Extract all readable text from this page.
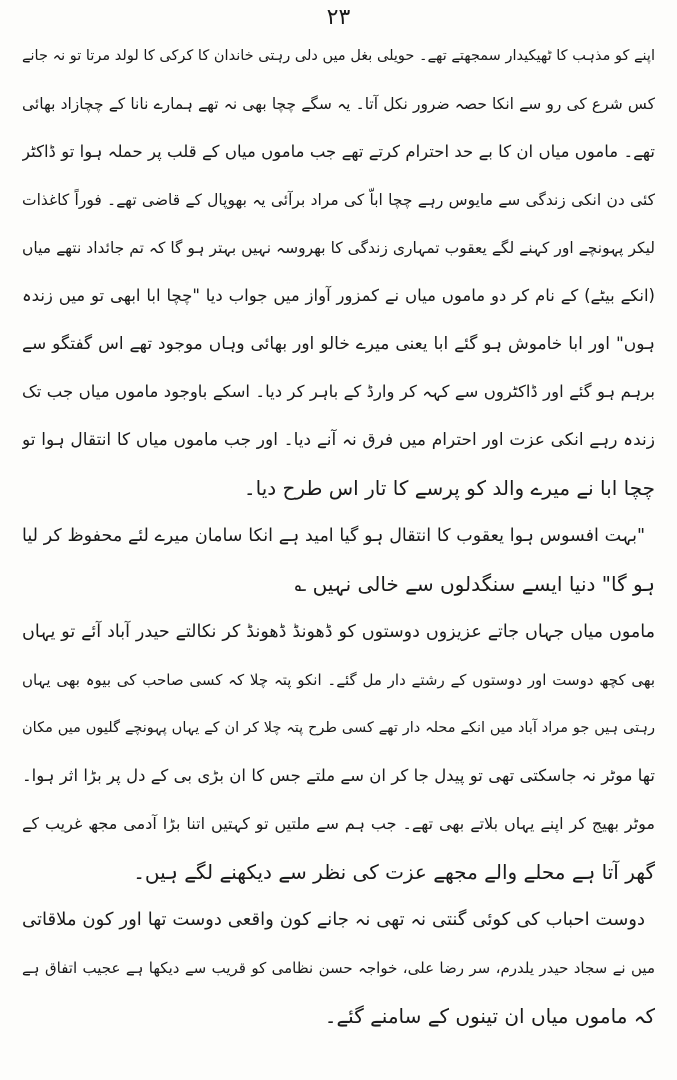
۲۳
اپنے کو مذہب کا ٹھیکیدار سمجھتے تھے۔ حویلی بغل میں دلی رہتی خاندان کا کرکی کا لولد مرتا تو نہ جانے
کس شرع کی رو سے انکا حصہ ضرور نکل آتا۔ یہ سگے چچا بھی نہ تھے ہمارے نانا کے چچازاد بھائی
تھے۔ ماموں میاں ان کا بے حد احترام کرتے تھے جب ماموں میاں کے قلب پر حملہ ہوا تو ڈاکٹر
کئی دن انکی زندگی سے مایوس رہے چچا اباّ کی مراد برآئی یہ بھوپال کے قاضی تھے۔ فوراً کاغذات
لیکر پہونچے اور کہنے لگے یعقوب تمہاری زندگی کا بھروسہ نہیں بہتر ہو گا کہ تم جائداد نتھے میاں
(انکے بیٹے) کے نام کر دو ماموں میاں نے کمزور آواز میں جواب دیا "چچا ابا ابھی تو میں زندہ
ہوں" اور ابا خاموش ہو گئے ابا یعنی میرے خالو اور بھائی وہاں موجود تھے اس گفتگو سے
برہم ہو گئے اور ڈاکٹروں سے کہہ کر وارڈ کے باہر کر دیا۔ اسکے باوجود ماموں میاں جب تک
زندہ رہے انکی عزت اور احترام میں فرق نہ آنے دیا۔ اور جب ماموں میاں کا انتقال ہوا تو
چچا ابا نے میرے والد کو پرسے کا تار اس طرح دیا۔
"بہت افسوس ہوا یعقوب کا انتقال ہو گیا امید ہے انکا سامان میرے لئے محفوظ کر لیا
ہو گا" دنیا ایسے سنگدلوں سے خالی نہیں ؎
ماموں میاں جہاں جاتے عزیزوں دوستوں کو ڈھونڈ ڈھونڈ کر نکالتے حیدر آباد آئے تو یہاں
بھی کچھ دوست اور دوستوں کے رشتے دار مل گئے۔ انکو پتہ چلا کہ کسی صاحب کی بیوہ بھی یہاں
رہتی ہیں جو مراد آباد میں انکے محلہ دار تھے کسی طرح پتہ چلا کر ان کے یہاں پہونچے گلیوں میں مکان
تھا موٹر نہ جاسکتی تھی تو پیدل جا کر ان سے ملتے جس کا ان بڑی بی کے دل پر بڑا اثر ہوا۔
موٹر بھیج کر اپنے یہاں بلاتے بھی تھے۔ جب ہم سے ملتیں تو کہتیں اتنا بڑا آدمی مجھ غریب کے
گھر آتا ہے محلے والے مجھے عزت کی نظر سے دیکھنے لگے ہیں۔
دوست احباب کی کوئی گنتی نہ تھی نہ جانے کون واقعی دوست تھا اور کون ملاقاتی
میں نے سجاد حیدر یلدرم، سر رضا علی، خواجہ حسن نظامی کو قریب سے دیکھا ہے عجیب اتفاق ہے
کہ ماموں میاں ان تینوں کے سامنے گئے۔
